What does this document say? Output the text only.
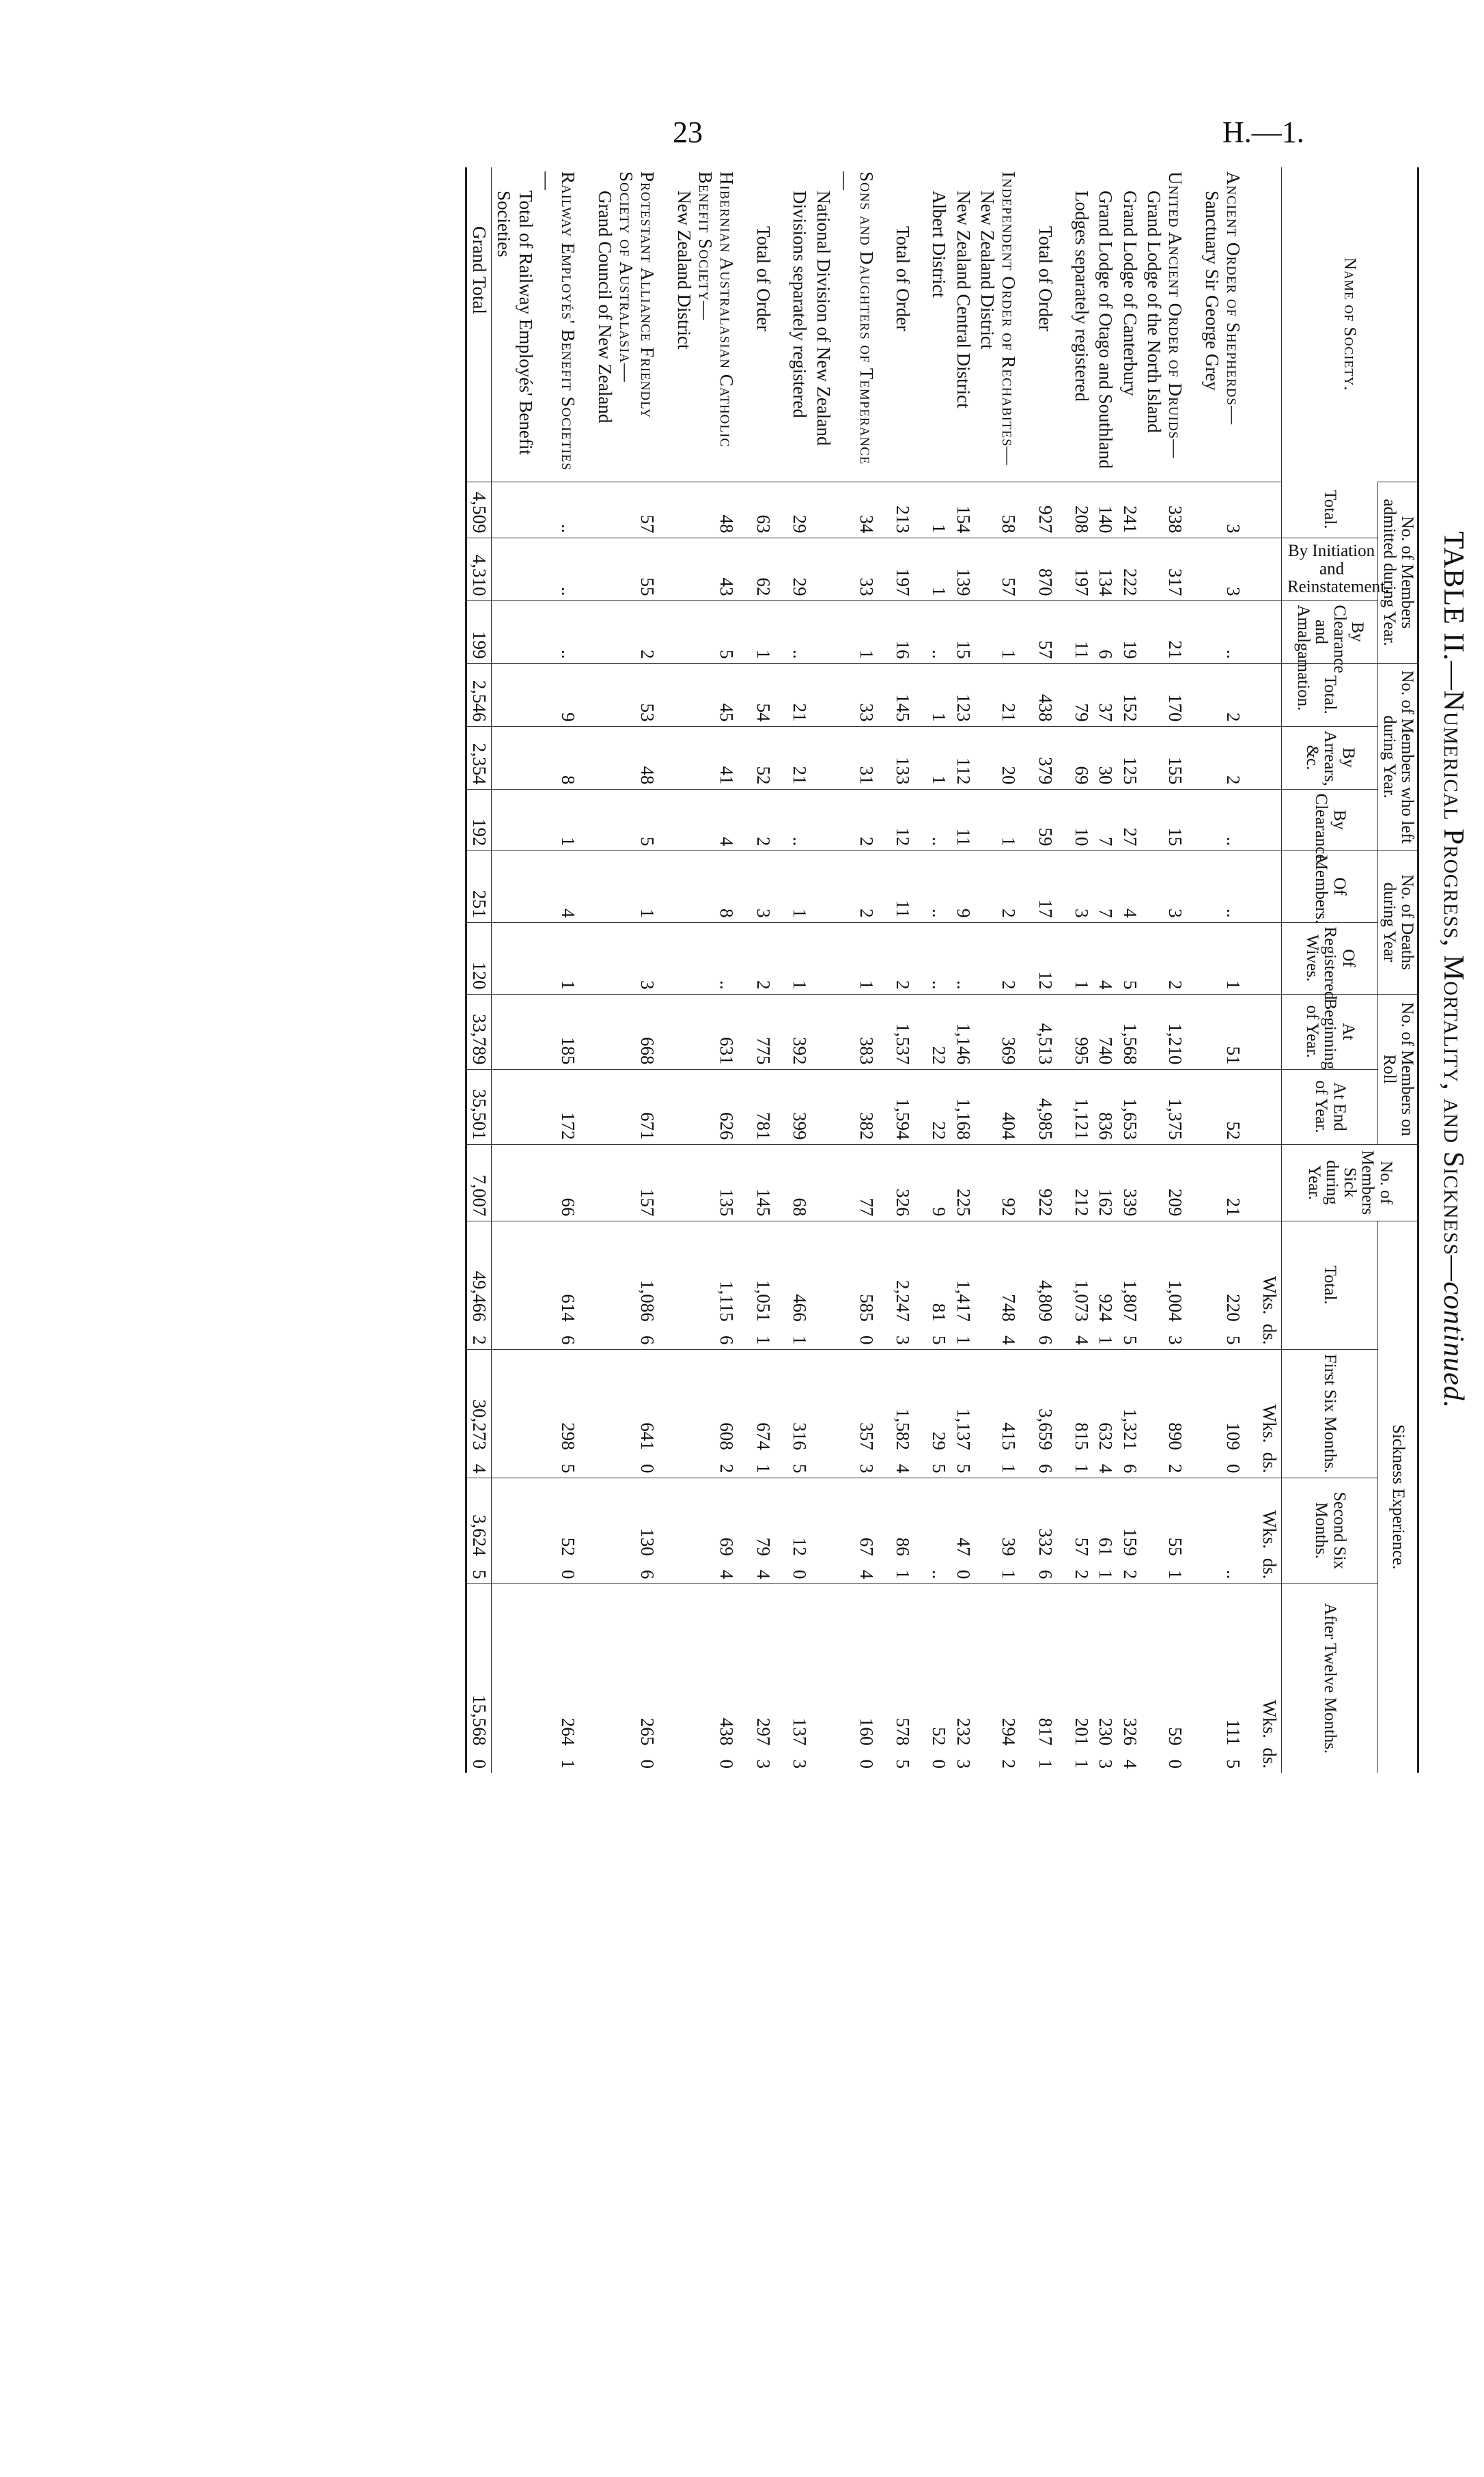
23	H.—1.
TABLE II.—Numerical Progress, Mortality, and Sickness—continued.
Name of Society.	No. of Members admitted during Year.			No. of Members who left during Year.			No. of Deaths during Year		No. of Members on Roll		No. of Members Sick during Year.	Sickness Experience.			
	Total.	By Initiation and Reinstatement.	By Clearance and Amalgamation.	Total.	By Arrears, &c.	By Clearance.	Of Members.	Of Registered Wives.	At Beginning of Year.	At End of Year.		Total.	First Six Months.	Second Six Months.	After Twelve Months.
												Wks.  ds.	Wks.  ds.	Wks.  ds.	Wks.  ds.

Ancient Order of Shepherds—
Sanctuary Sir George Grey	3	3	..	2	2	..	..	1	51	52	21	220   5	109   0	..	111   5

United Ancient Order of Druids—
Grand Lodge of the North Island	338	317	21	170	155	15	3	2	1,210	1,375	209	1,004   3	890   2	55   1	59   0

Grand Lodge of Canterbury	241	222	19	152	125	27	4	5	1,568	1,653	339	1,807   5	1,321   6	159   2	326   4

Grand Lodge of Otago and Southland	140	134	6	37	30	7	7	4	740	836	162	924   1	632   4	61   1	230   3

Lodges separately registered	208	197	11	79	69	10	3	1	995	1,121	212	1,073   4	815   1	57   2	201   1

Total of Order	927	870	57	438	379	59	17	12	4,513	4,985	922	4,809   6	3,659   6	332   6	817   1

Independent Order of Rechabites—
New Zealand District	58	57	1	21	20	1	2	2	369	404	92	748   4	415   1	39   1	294   2

New Zealand Central District	154	139	15	123	112	11	9	..	1,146	1,168	225	1,417   1	1,137   5	47   0	232   3

Albert District	1	1	..	1	1	..	..	..	22	22	9	81   5	29   5	..	52   0

Total of Order	213	197	16	145	133	12	11	2	1,537	1,594	326	2,247   3	1,582   4	86   1	578   5

Sons and Daughters of Temperance—
National Division of New Zealand	34	33	1	33	31	2	2	1	383	382	77	585   0	357   3	67   4	160   0

Divisions separately registered	29	29	..	21	21	..	1	1	392	399	68	466   1	316   5	12   0	137   3

Total of Order	63	62	1	54	52	2	3	2	775	781	145	1,051   1	674   1	79   4	297   3

Hibernian Australasian Catholic Benefit Society—
New Zealand District	48	43	5	45	41	4	8	..	631	626	135	1,115   6	608   2	69   4	438   0

Protestant Alliance Friendly Society of Australasia—
Grand Council of New Zealand	57	55	2	53	48	5	1	3	668	671	157	1,086   6	641   0	130   6	265   0

Railway Employés' Benefit Societies—
Total of Railway Employés' Benefit Societies	..	..	..	9	8	1	4	1	185	172	66	614   6	298   5	52   0	264   1

Grand Total	4,509	4,310	199	2,546	2,354	192	251	120	33,789	35,501	7,007	49,466   2	30,273   4	3,624   5	15,568   0
